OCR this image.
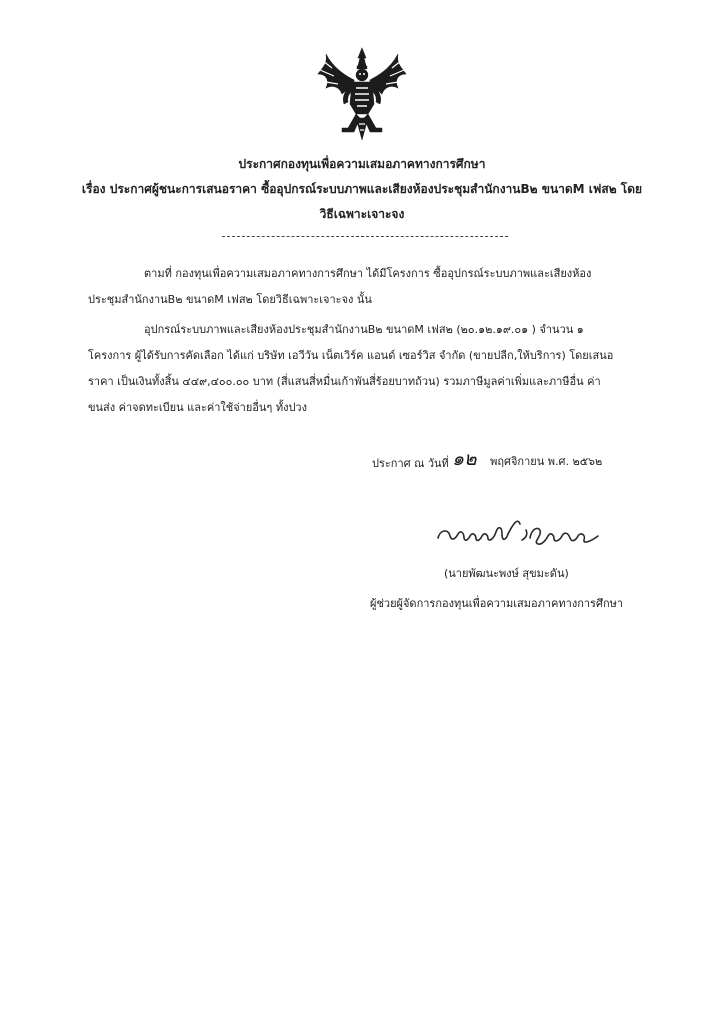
ประกาศกองทุนเพื่อความเสมอภาคทางการศึกษา
เรื่อง ประกาศผู้ชนะการเสนอราคา ซื้ออุปกรณ์ระบบภาพและเสียงห้องประชุมสำนักงานB๒ ขนาดM เฟส๒ โดย
วิธีเฉพาะเจาะจง
ตามที่ กองทุนเพื่อความเสมอภาคทางการศึกษา ได้มีโครงการ ซื้ออุปกรณ์ระบบภาพและเสียงห้อง
ประชุมสำนักงานB๒ ขนาดM เฟส๒ โดยวิธีเฉพาะเจาะจง นั้น
อุปกรณ์ระบบภาพและเสียงห้องประชุมสำนักงานB๒ ขนาดM เฟส๒ (๒๐.๑๒.๑๙.๐๑ ) จำนวน ๑
โครงการ ผู้ได้รับการคัดเลือก ได้แก่ บริษัท เอวีวัน เน็ตเวิร์ค แอนด์ เซอร์วิส จำกัด (ขายปลีก,ให้บริการ) โดยเสนอ
ราคา เป็นเงินทั้งสิ้น ๔๔๙,๔๐๐.๐๐ บาท (สี่แสนสี่หมื่นเก้าพันสี่ร้อยบาทถ้วน) รวมภาษีมูลค่าเพิ่มและภาษีอื่น ค่า
ขนส่ง ค่าจดทะเบียน และค่าใช้จ่ายอื่นๆ ทั้งปวง
ประกาศ ณ วันที่ ๑๒ พฤศจิกายน พ.ศ. ๒๕๖๒
(นายพัฒนะพงษ์ สุขมะดัน)
ผู้ช่วยผู้จัดการกองทุนเพื่อความเสมอภาคทางการศึกษา
